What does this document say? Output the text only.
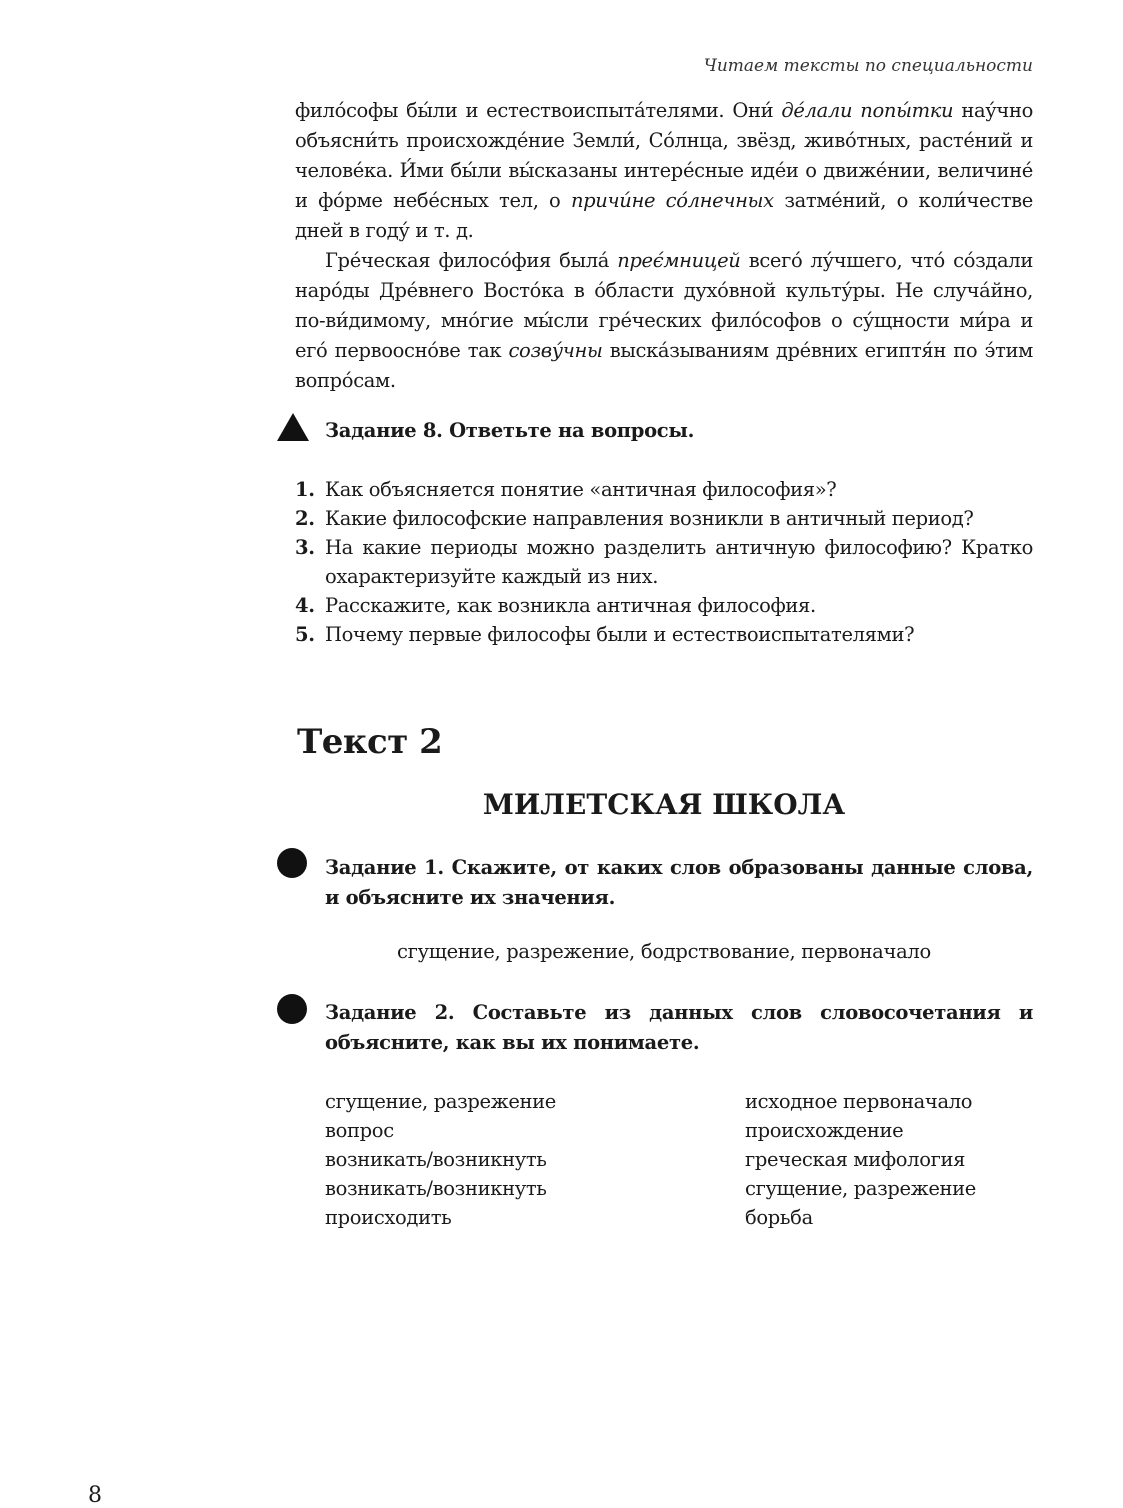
Читаем тексты по специальности

фило́софы бы́ли и естествоиспыта́телями. Они́ де́лали попы́тки нау́чно объясни́ть происхожде́ние Земли́, Со́лнца, звёзд, живо́тных, расте́ний и челове́ка. И́ми бы́ли вы́сказаны интере́сные иде́и о движе́нии, величине́ и фо́рме небе́сных тел, о причи́не со́лнечных затме́ний, о коли́честве дней в году́ и т. д.

Гре́ческая филосо́фия была́ преє́мницей всего́ лу́чшего, что́ со́здали наро́ды Дре́внего Восто́ка в о́бласти духо́вной культу́ры. Не случа́йно, по-ви́димому, мно́гие мы́сли гре́ческих фило́софов о су́щности ми́ра и его́ первоосно́ве так созву́чны выска́зываниям дре́вних египтя́н по э́тим вопро́сам.

Задание 8. Ответьте на вопросы.
1. Как объясняется понятие «античная философия»?
2. Какие философские направления возникли в античный период?
3. На какие периоды можно разделить античную философию? Кратко охарактеризуйте каждый из них.
4. Расскажите, как возникла античная философия.
5. Почему первые философы были и естествоиспытателями?
Текст 2
МИЛЕТСКАЯ ШКОЛА
Задание 1. Скажите, от каких слов образованы данные слова, и объясните их значения.
сгущение, разрежение, бодрствование, первоначало
Задание 2. Составьте из данных слов словосочетания и объясните, как вы их понимаете.
сгущение, разрежение
вопрос
возникать/возникнуть
возникать/возникнуть
происходить
исходное первоначало
происхождение
греческая мифология
сгущение, разрежение
борьба
8
